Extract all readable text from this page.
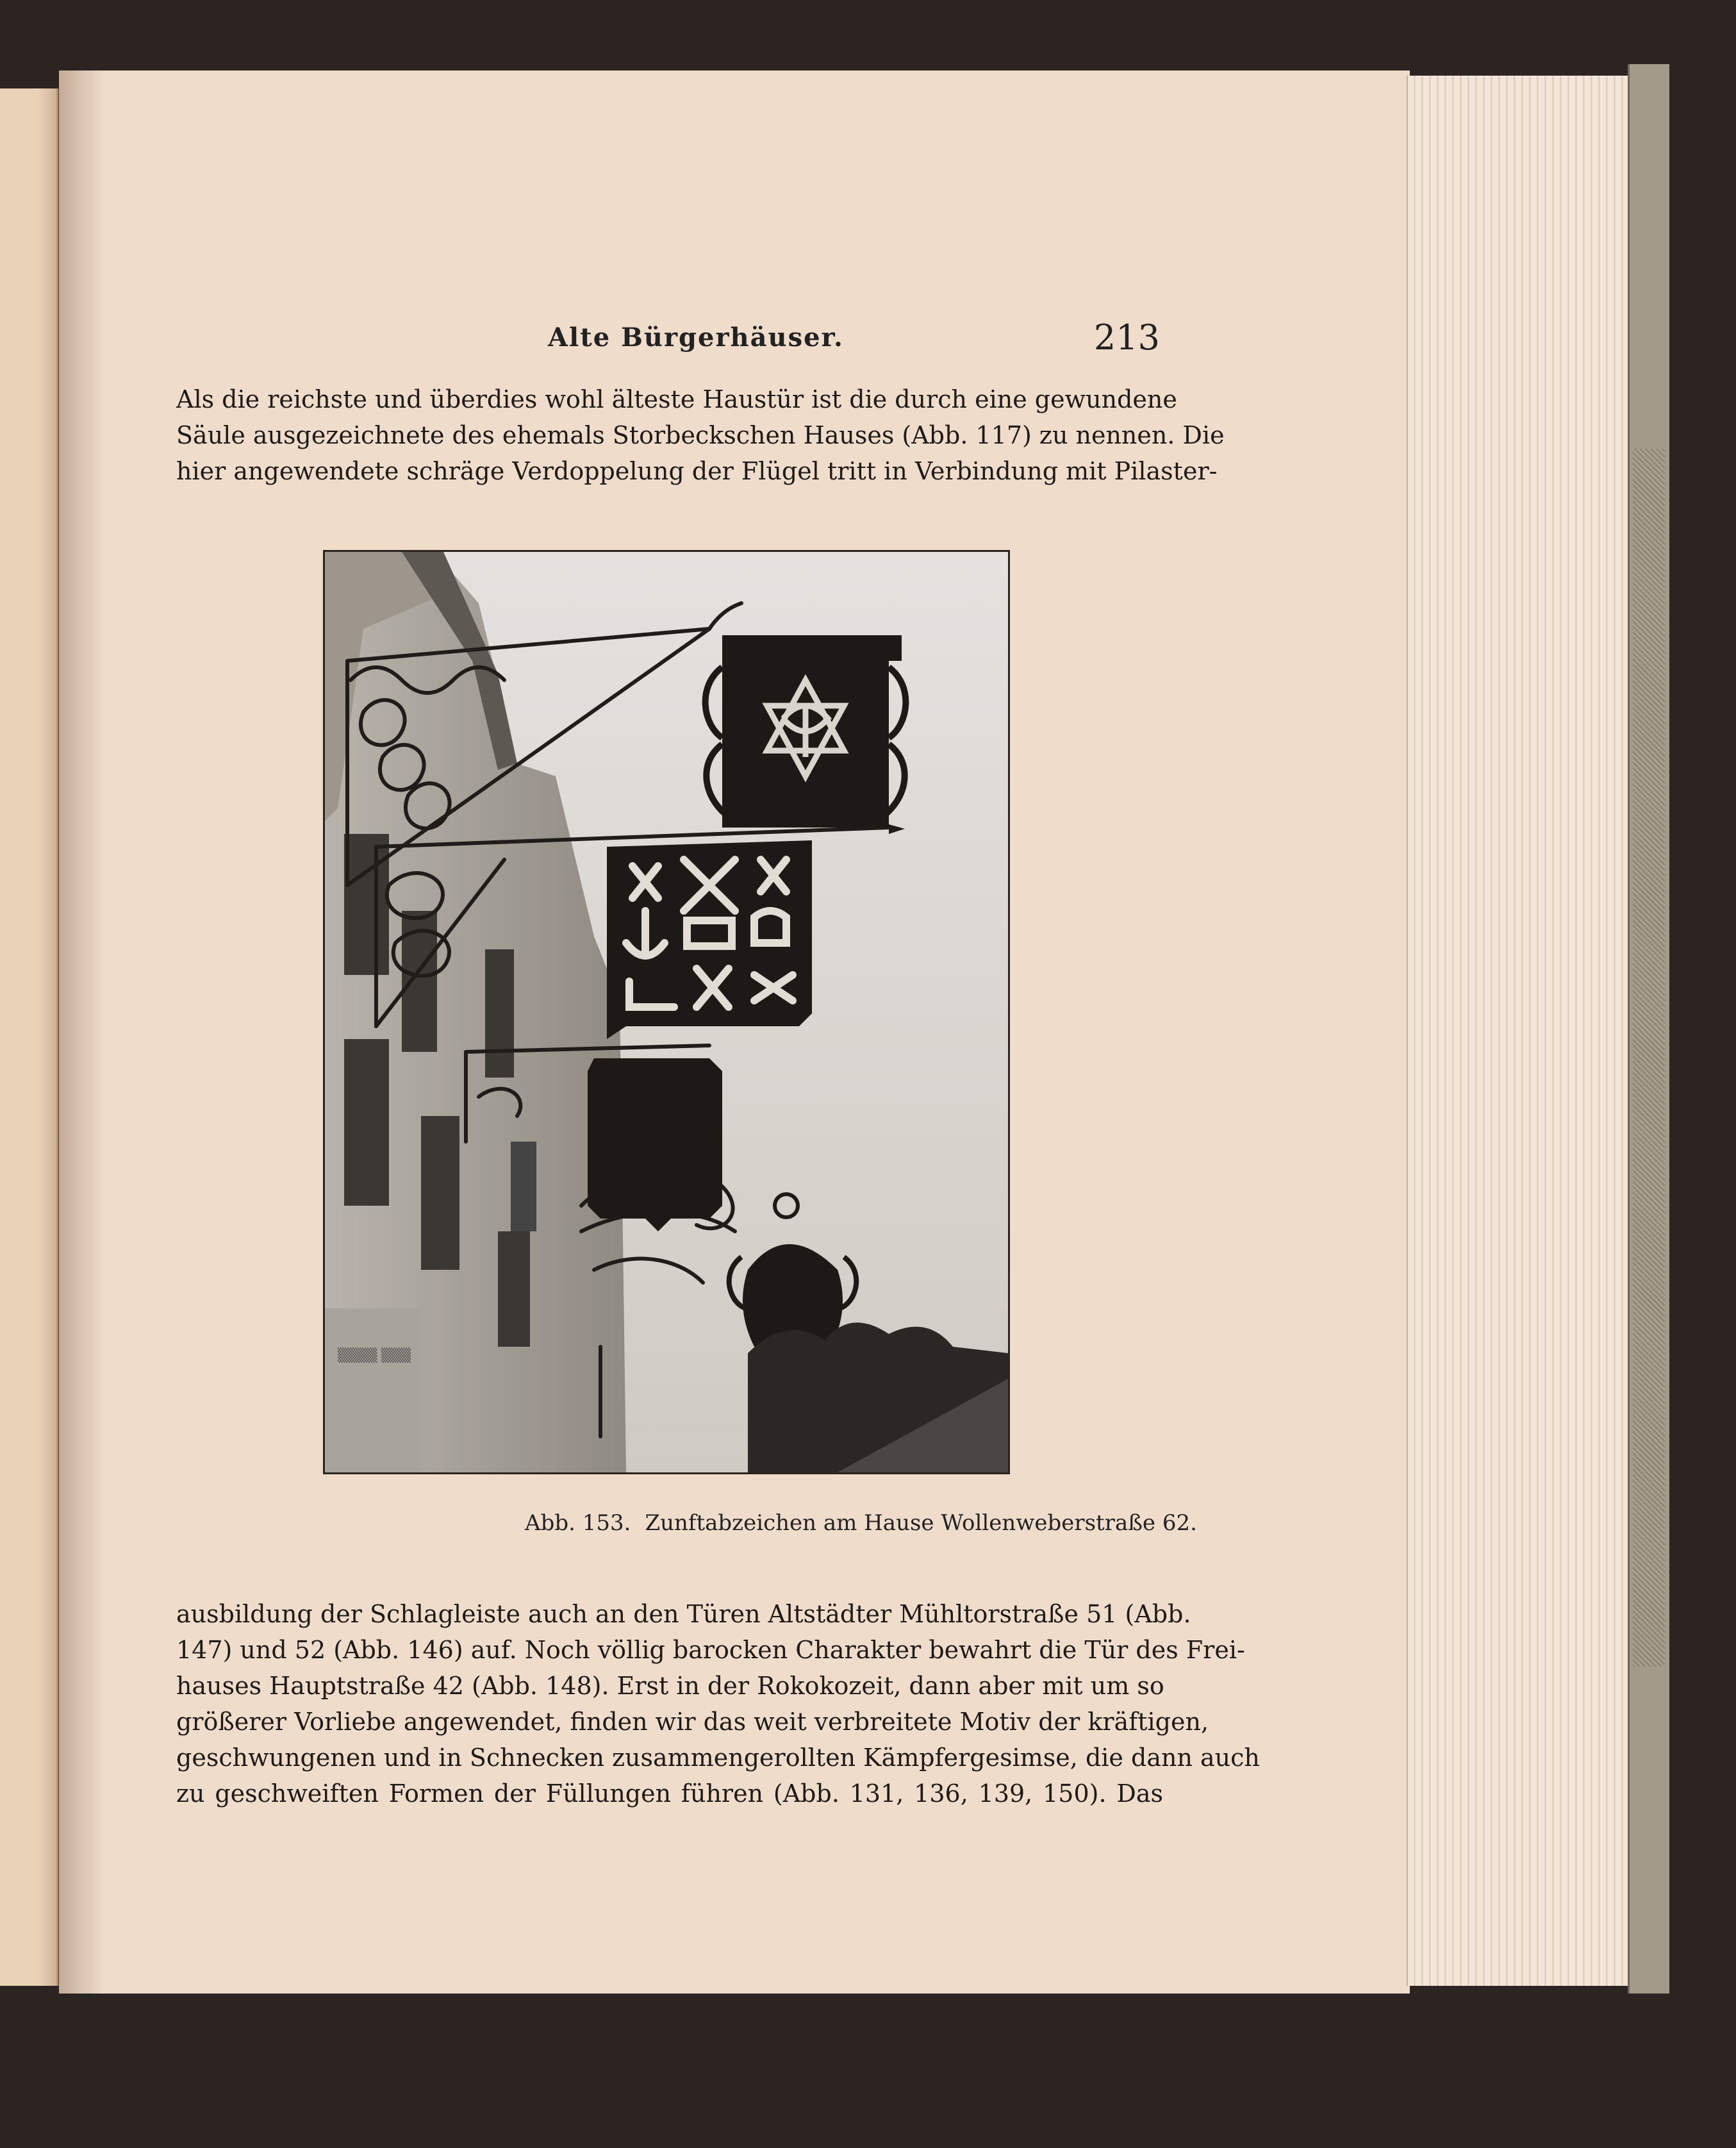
Alte Bürgerhäuser.	213
Als die reichste und überdies wohl älteste Haustür ist die durch eine gewundene
Säule ausgezeichnete des ehemals Storbeckschen Hauses (Abb. 117) zu nennen. Die
hier angewendete schräge Verdoppelung der Flügel tritt in Verbindung mit Pilaster-
▒▒▒▒ ▒▒▒
Abb. 153. Zunftabzeichen am Hause Wollenweberstraße 62.
ausbildung der Schlagleiste auch an den Türen Altstädter Mühltorstraße 51 (Abb.
147) und 52 (Abb. 146) auf. Noch völlig barocken Charakter bewahrt die Tür des Frei-
hauses Hauptstraße 42 (Abb. 148). Erst in der Rokokozeit, dann aber mit um so
größerer Vorliebe angewendet, finden wir das weit verbreitete Motiv der kräftigen,
geschwungenen und in Schnecken zusammengerollten Kämpfergesimse, die dann auch
zu geschweiften Formen der Füllungen führen (Abb. 131, 136, 139, 150). Das
